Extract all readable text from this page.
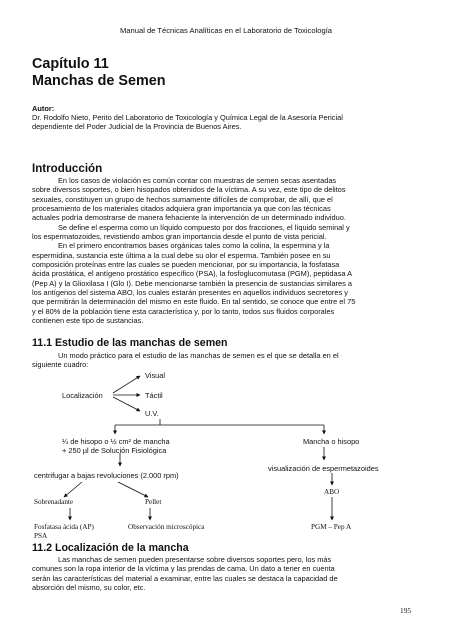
Manual de Técnicas Analíticas en el Laboratorio de Toxicología
Capítulo 11
Manchas de Semen
Autor:
Dr. Rodolfo Nieto, Perito del Laboratorio de Toxicología y Química Legal de la Asesoría Pericial
dependiente del Poder Judicial de la Provincia de Buenos Aires.
Introducción
En los casos de violación es común contar con muestras de semen secas asentadas
sobre diversos soportes, o bien hisopados obtenidos de la víctima. A su vez, este tipo de delitos
sexuales, constituyen un grupo de hechos sumamente difíciles de comprobar, de allí, que el
procesamiento de los materiales citados adquiera gran importancia ya que con las técnicas
actuales podría demostrarse de manera fehaciente la intervención de un determinado individuo.
Se define el esperma como un líquido compuesto por dos fracciones, el líquido seminal y
los espermatozoides, revistiendo ambos gran importancia desde el punto de vista pericial.
En el primero encontramos bases orgánicas tales como la colina, la espermina y la
espermidina, sustancia este última a la cual debe su olor el esperma. También posee en su
composición proteínas entre las cuales se pueden mencionar, por su importancia, la fosfatasa
ácida prostática, el antígeno prostático específico (PSA), la fosfoglucomutasa (PGM), peptidasa A
(Pep A) y la Glioxilasa I (Glo I). Debe mencionarse también la presencia de sustancias similares a
los antígenos del sistema ABO, los cuales estarán presentes en aquellos individuos secretores y
que permitirán la determinación del mismo en este fluido. En tal sentido, se conoce que entre el 75
y el 80% de la población tiene esta característica y, por lo tanto, todos sus fluidos corporales
contienen este tipo de sustancias.
11.1 Estudio de las manchas de semen
Un modo práctico para el estudio de las manchas de semen es el que se detalla en el
siguiente cuadro:
Visual
Localización	Táctil
U.V.
¼ de hisopo o ½ cm² de mancha
+ 250 µl de Solución Fisiológica
Mancha o hisopo
visualización de espermetazoides
centrifugar a bajas revoluciones (2.000 rpm)
ABO
Sobrenadante	Pellet
Fosfatasa ácida (AP)
PSA
Observación microscópica	PGM – Pep A
11.2 Localización de la mancha
Las manchas de semen pueden presentarse sobre diversos soportes pero, los más
comunes son la ropa interior de la víctima y las prendas de cama. Un dato a tener en cuenta
serán las características del material a examinar, entre las cuales se destaca la capacidad de
absorción del mismo, su color, etc.
195
